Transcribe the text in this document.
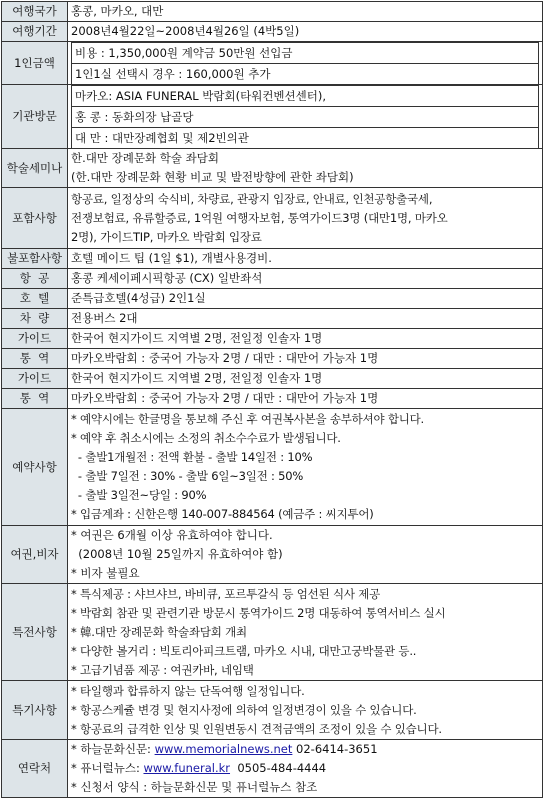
여행국가	홍콩, 마카오, 대만
여행기간	2008년4월22일~2008년4월26일 (4박5일)
1인금액	
비용 : 1,350,000원 계약금 50만원 선입금
1인1실 선택시 경우 : 160,000원 추가

기관방문	
마카오: ASIA FUNERAL 박람회(타워컨벤션센터),
홍 콩 : 동화의장 납골당
대 만 : 대만장례협회 및 제2빈의관

학술세미나	
한.대만 장례문화 학술 좌담회
(한.대만 장례문화 현황 비교 및 발전방향에 관한 좌담회)

포함사항	
항공료, 일정상의 숙식비, 차량료, 관광지 입장료, 안내료, 인천공항출국세,
전쟁보험료, 유류할증료, 1억원 여행자보험, 통역가이드3명 (대만1명, 마카오
2명), 가이드TIP, 마카오 박람회 입장료

불포함사항	호텔 메이드 팁 (1일 $1), 개별사용경비.
항  공	홍콩 케세이페시픽항공 (CX) 일반좌석
호  텔	준특급호텔(4성급) 2인1실
차  량	전용버스 2대
가이드	한국어 현지가이드 지역별 2명, 전일정 인솔자 1명
통  역	마카오박람회 : 중국어 가능자 2명 / 대만 : 대만어 가능자 1명
가이드	한국어 현지가이드 지역별 2명, 전일정 인솔자 1명
통  역	마카오박람회 : 중국어 가능자 2명 / 대만 : 대만어 가능자 1명
예약사항	
* 예약시에는 한글명을 통보해 주신 후 여권복사본을 송부하셔야 합니다.
* 예약 후 취소시에는 소정의 취소수수료가 발생됩니다.
- 출발1개월전 : 전액 환불 - 출발 14일전 : 10%
- 출발 7일전 : 30% - 출발 6일~3일전 : 50%
- 출발 3일전~당일 : 90%
* 입금계좌 : 신한은행 140-007-884564 (예금주 : 씨지투어)

여권,비자	
* 여권은 6개월 이상 유효하여야 합니다.
(2008년 10월 25일까지 유효하여야 함)
* 비자 불필요

특전사항	
* 특식제공 : 샤브샤브, 바비큐, 포르투갈식 등 엄선된 식사 제공
* 박람회 참관 및 관련기관 방문시 통역가이드 2명 대동하여 통역서비스 실시
* 韓.대만 장례문화 학술좌담회 개최
* 다양한 볼거리 : 빅토리아피크트램, 마카오 시내, 대만고궁박물관 등..
* 고급기념품 제공 : 여권카바, 네임택

특기사항	
* 타일행과 합류하지 않는 단독여행 일정입니다.
* 항공스케쥴 변경 및 현지사정에 의하여 일정변경이 있을 수 있습니다.
* 항공료의 급격한 인상 및 인원변동시 견적금액의 조정이 있을 수 있습니다.

연락처	
* 하늘문화신문: www.memorialnews.net 02-6414-3651
* 퓨너럴뉴스: www.funeral.kr  0505-484-4444
* 신청서 양식 : 하늘문화신문 및 퓨너럴뉴스 참조
